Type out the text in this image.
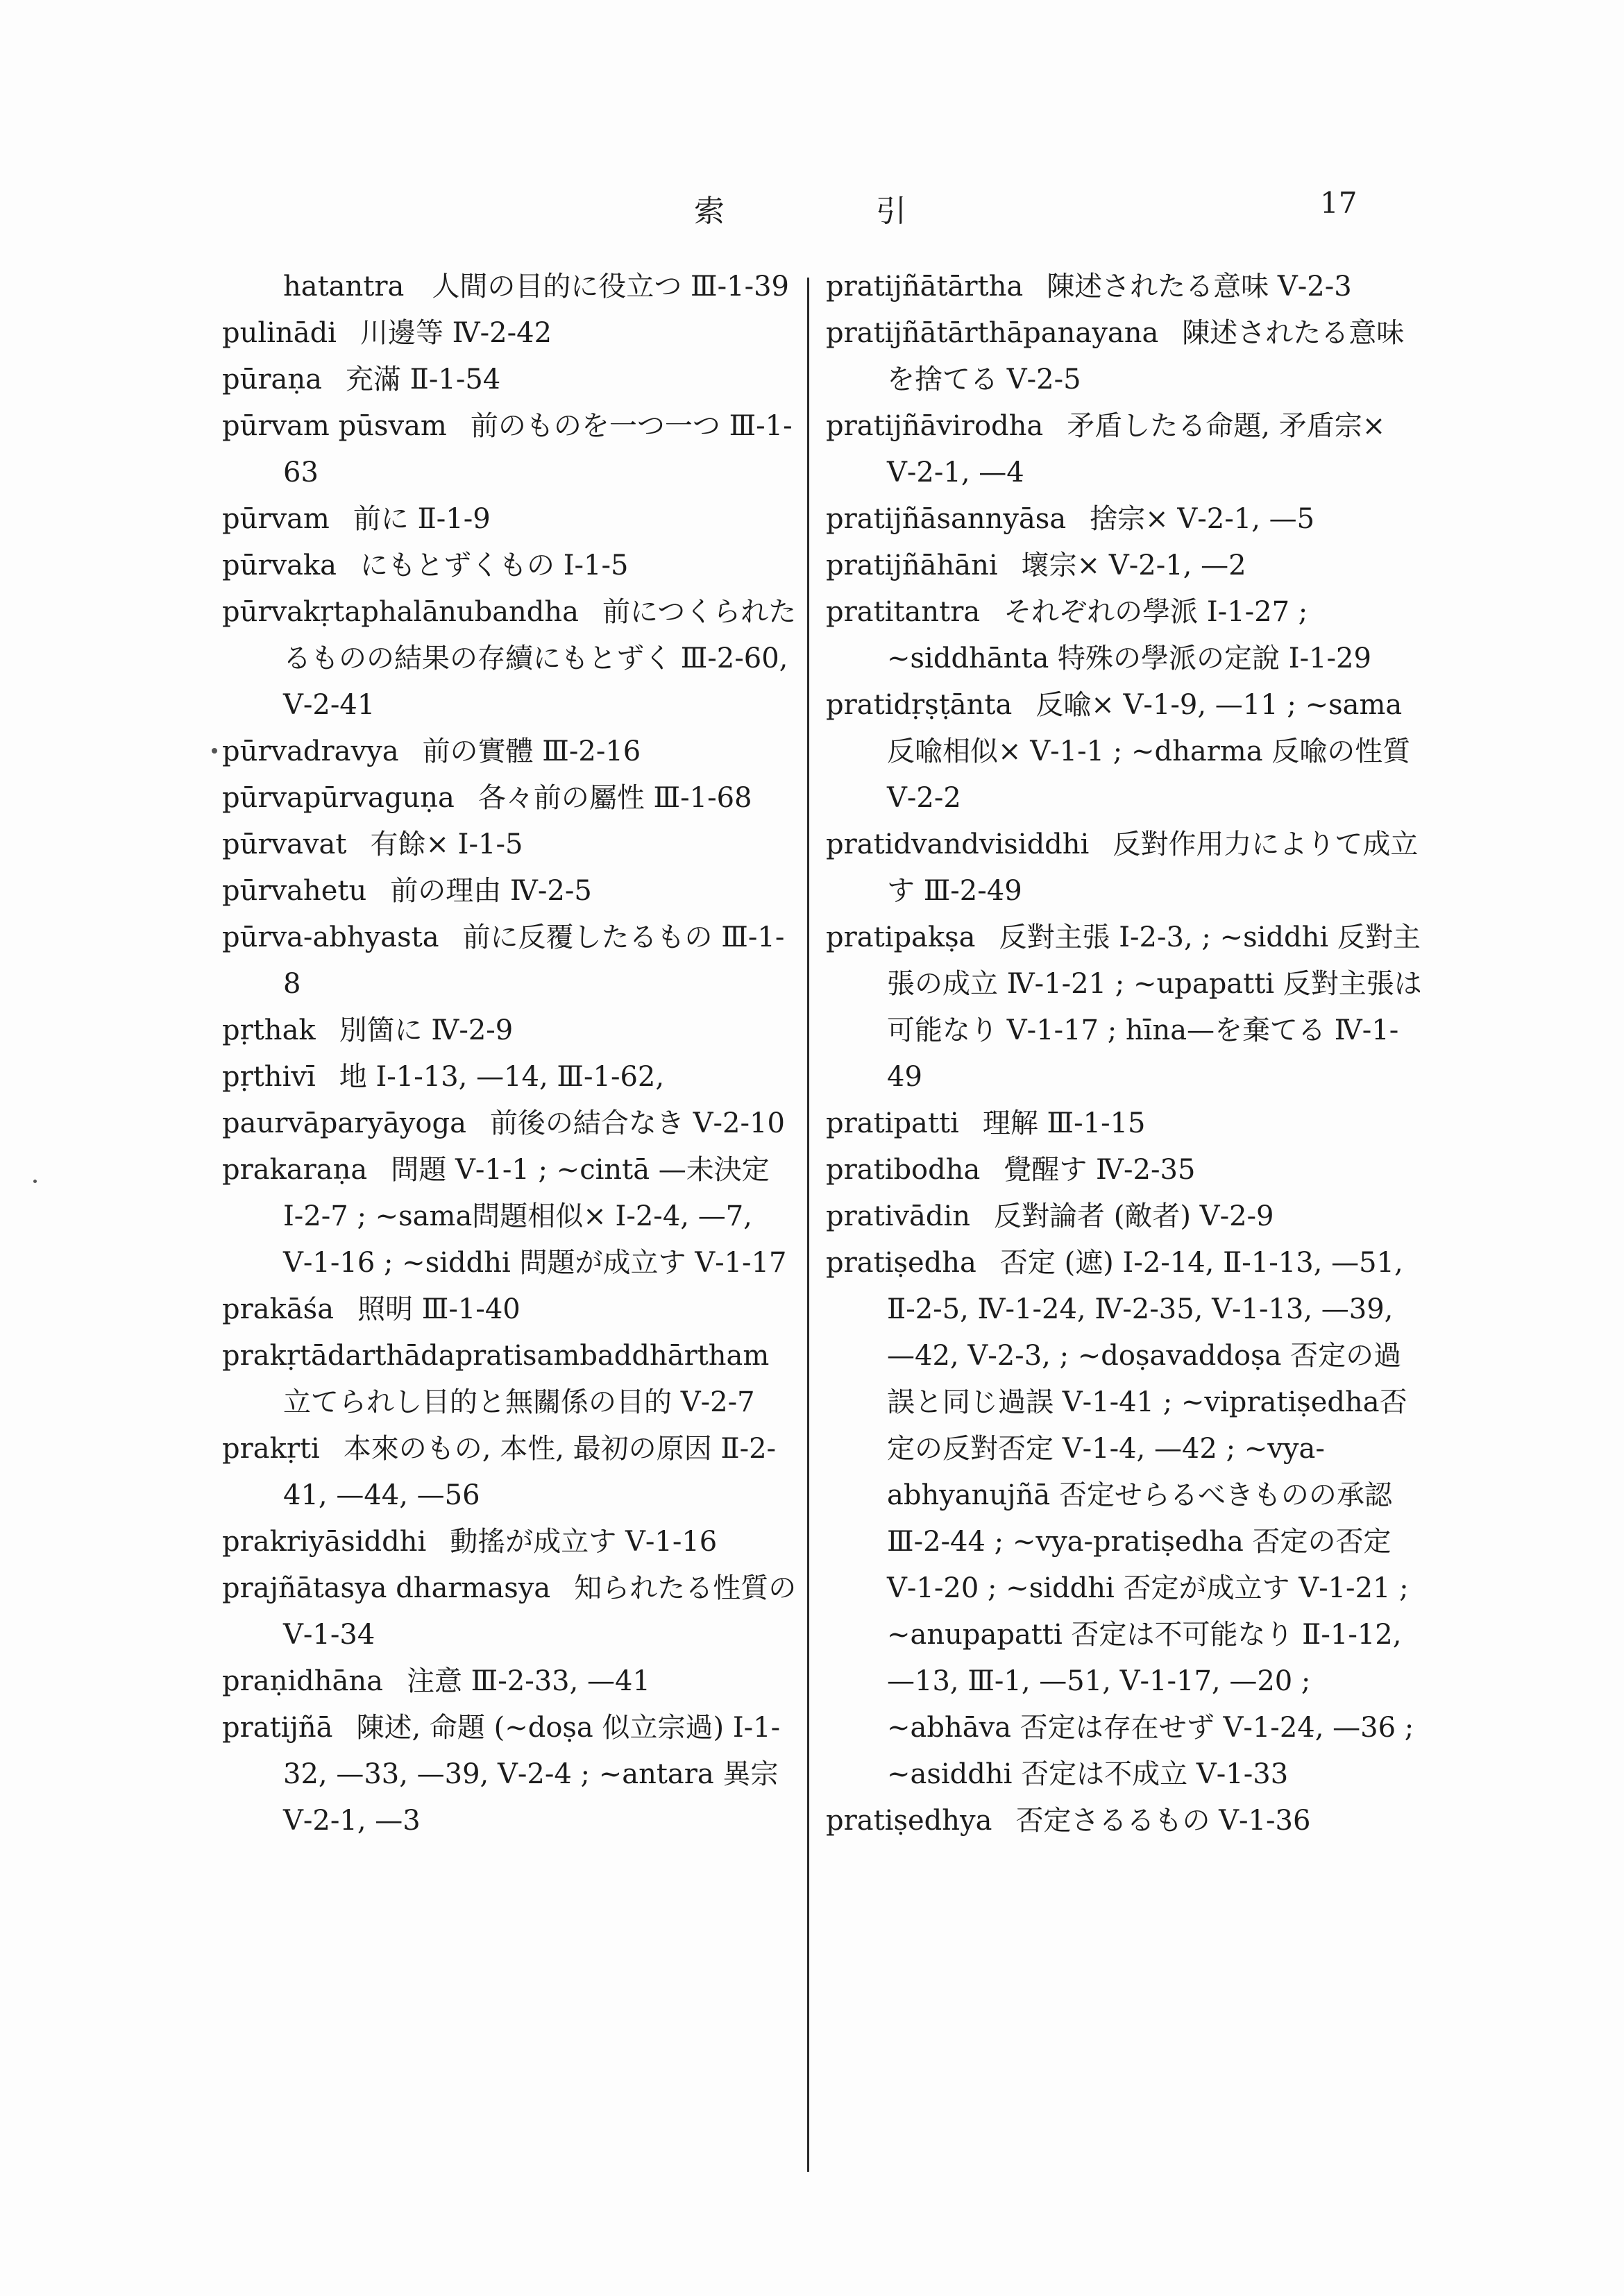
索	引	17
hatantra　人間の目的に役立つ Ⅲ-1-39
pulinādi 川邊等 Ⅳ-2-42
pūraṇa 充滿 Ⅱ-1-54
pūrvam pūsvam 前のものを一つ一つ Ⅲ-1-63
pūrvam 前に Ⅱ-1-9
pūrvaka にもとずくもの Ⅰ-1-5
pūrvakṛtaphalānubandha 前につくられたるものの結果の存續にもとずく Ⅲ-2-60, Ⅴ-2-41
pūrvadravya 前の實體 Ⅲ-2-16
pūrvapūrvaguṇa 各々前の屬性 Ⅲ-1-68
pūrvavat 有餘× Ⅰ-1-5
pūrvahetu 前の理由 Ⅳ-2-5
pūrva-abhyasta 前に反覆したるもの Ⅲ-1-8
pṛthak 別箇に Ⅳ-2-9
pṛthivī 地 Ⅰ-1-13, —14, Ⅲ-1-62,
paurvāparyāyoga 前後の結合なき Ⅴ-2-10
prakaraṇa 問題 Ⅴ-1-1 ; ~cintā —未決定 Ⅰ-2-7 ; ~sama問題相似× Ⅰ-2-4, —7, Ⅴ-1-16 ; ~siddhi 問題が成立す Ⅴ-1-17
prakāśa 照明 Ⅲ-1-40
prakṛtādarthādapratisambaddhārtham立てられし目的と無關係の目的 Ⅴ-2-7
prakṛti 本來のもの, 本性, 最初の原因 Ⅱ-2-41, —44, —56
prakriyāsiddhi 動搖が成立す Ⅴ-1-16
prajñātasya dharmasya 知られたる性質の Ⅴ-1-34
praṇidhāna 注意 Ⅲ-2-33, —41
pratijñā 陳述, 命題 (~doṣa 似立宗過) Ⅰ-1-32, —33, —39, Ⅴ-2-4 ; ~antara 異宗 Ⅴ-2-1, —3
pratijñātārtha 陳述されたる意味 Ⅴ-2-3
pratijñātārthāpanayana 陳述されたる意味を捨てる Ⅴ-2-5
pratijñāvirodha 矛盾したる命題, 矛盾宗× Ⅴ-2-1, —4
pratijñāsannyāsa 捨宗× Ⅴ-2-1, —5
pratijñāhāni 壞宗× Ⅴ-2-1, —2
pratitantra それぞれの學派 Ⅰ-1-27 ; ~siddhānta 特殊の學派の定說 Ⅰ-1-29
pratidṛṣṭānta 反喩× Ⅴ-1-9, —11 ; ~sama 反喩相似× Ⅴ-1-1 ; ~dharma 反喩の性質 Ⅴ-2-2
pratidvandvisiddhi 反對作用力によりて成立す Ⅲ-2-49
pratipakṣa 反對主張 Ⅰ-2-3, ; ~siddhi 反對主張の成立 Ⅳ-1-21 ; ~upapatti 反對主張は可能なり Ⅴ-1-17 ; hīna—を棄てる Ⅳ-1-49
pratipatti 理解 Ⅲ-1-15
pratibodha 覺醒す Ⅳ-2-35
prativādin 反對論者 (敵者) Ⅴ-2-9
pratiṣedha 否定 (遮) Ⅰ-2-14, Ⅱ-1-13, —51, Ⅱ-2-5, Ⅳ-1-24, Ⅳ-2-35, Ⅴ-1-13, —39, —42, Ⅴ-2-3, ; ~doṣavaddoṣa 否定の過誤と同じ過誤 Ⅴ-1-41 ; ~vipratiṣedha否定の反對否定 Ⅴ-1-4, —42 ; ~vya-abhyanujñā 否定せらるべきものの承認 Ⅲ-2-44 ; ~vya-pratiṣedha 否定の否定 Ⅴ-1-20 ; ~siddhi 否定が成立す Ⅴ-1-21 ; ~anupapatti 否定は不可能なり Ⅱ-1-12, —13, Ⅲ-1, —51, Ⅴ-1-17, —20 ; ~abhāva 否定は存在せず Ⅴ-1-24, —36 ; ~asiddhi 否定は不成立 Ⅴ-1-33
pratiṣedhya 否定さるるもの Ⅴ-1-36
